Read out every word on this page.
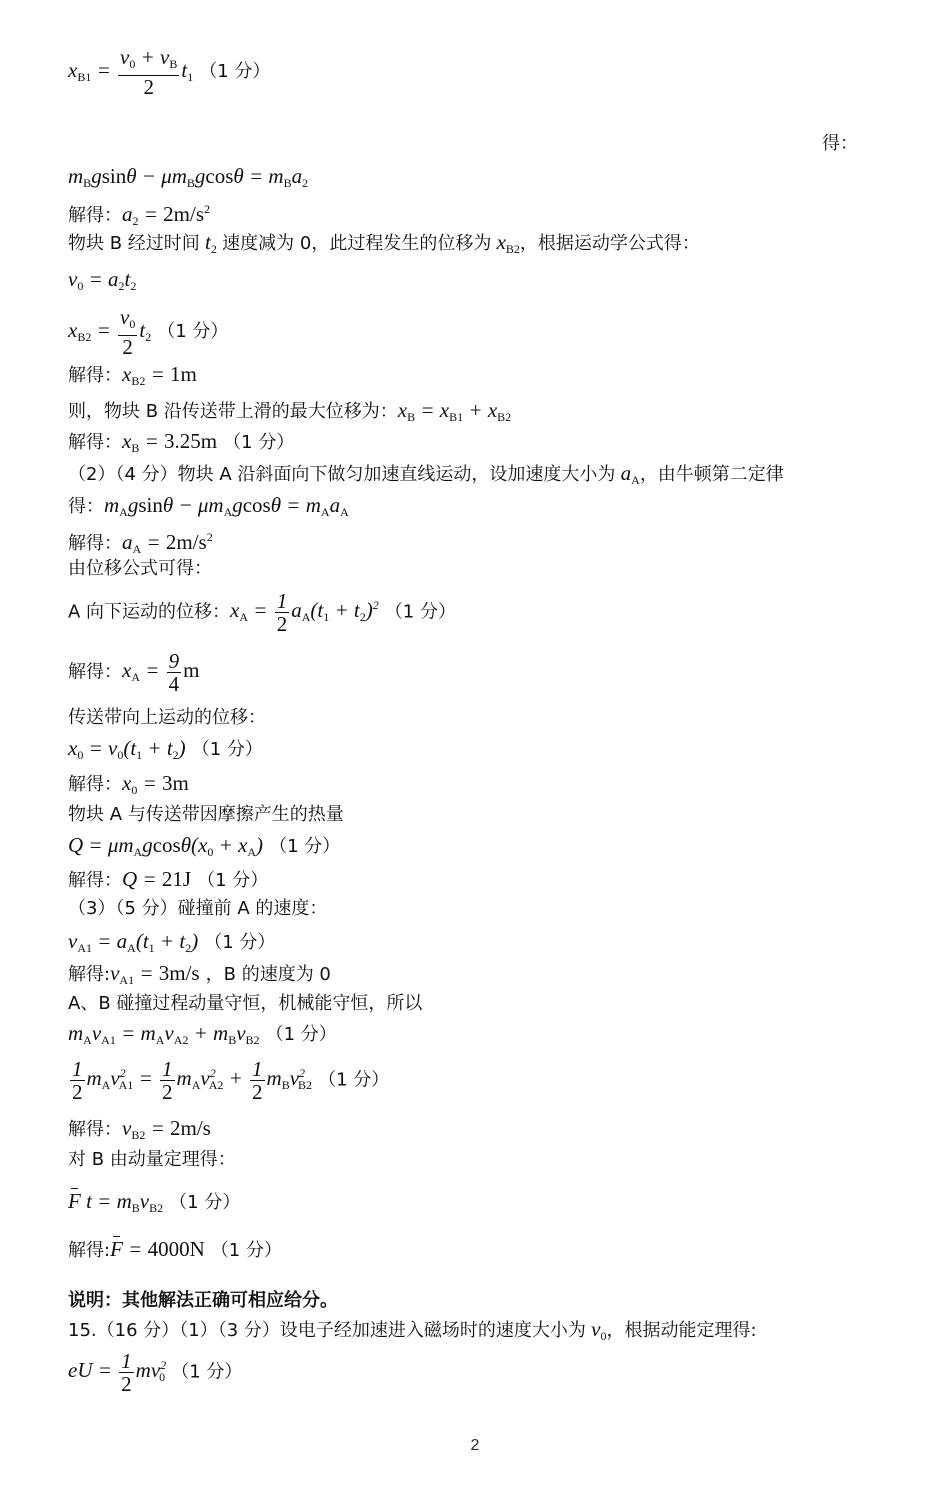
$x_{B1} = \frac{v_0 + v_B}{2} t_1$ （1 分）
得：
$m_Bgsin\theta - \mu m_Bgcos\theta = m_Ba_2$
解得：$a_2 = 2m/s^2$
物块 B 经过时间 $t_2$ 速度减为 0，此过程发生的位移为 $x_{B2}$，根据运动学公式得：
$v_0 = a_2t_2$
$x_{B2} = \frac{v_0}{2} t_2$ （1 分）
解得：$x_{B2} = 1m$
则，物块 B 沿传送带上滑的最大位移为：$x_B = x_{B1} + x_{B2}$
解得：$x_B = 3.25m$ （1 分）
（2）（4 分）物块 A 沿斜面向下做匀加速直线运动，设加速度大小为 $a_A$，由牛顿第二定律
得：$m_Agsin\theta - \mu m_Agcos\theta = m_Aa_A$
解得：$a_A = 2m/s^2$
由位移公式可得：
A 向下运动的位移：$x_A = \frac{1}{2} a_A(t_1 + t_2)^2$ （1 分）
解得：$x_A = \frac{9}{4}$ m
传送带向上运动的位移：
$x_0 = v_0(t_1 + t_2)$ （1 分）
解得：$x_0 = 3m$
物块 A 与传送带因摩擦产生的热量
$Q = \mu m_Agcos\theta(x_0 + x_A)$ （1 分）
解得：Q = 21J （1 分）
（3）（5 分）碰撞前 A 的速度：
$v_{A1} = a_A(t_1 + t_2)$ （1 分）
解得$:v_{A1} = 3m/s$ ，B 的速度为 0
A、B 碰撞过程动量守恒，机械能守恒，所以
$m_Av_{A1} = m_Av_{A2} + m_Bv_{B2}$ （1 分）
$\frac{1}{2} m_Av^2_{A1} = \frac{1}{2} m_Av^2_{A2} + \frac{1}{2} m_Bv^2_{B2}$ （1 分）
解得：$v_{B2} = 2m/s$
对 B 由动量定理得：
F $t = m_Bv_{B2}$ （1 分）
解得:F = 4000N （1 分）
说明：其他解法正确可相应给分。
15.（16 分）（1）（3 分）设电子经加速进入磁场时的速度大小为 $v_0$，根据动能定理得:
eU = $\frac{1}{2} mv^2_0$ （1 分）
2
